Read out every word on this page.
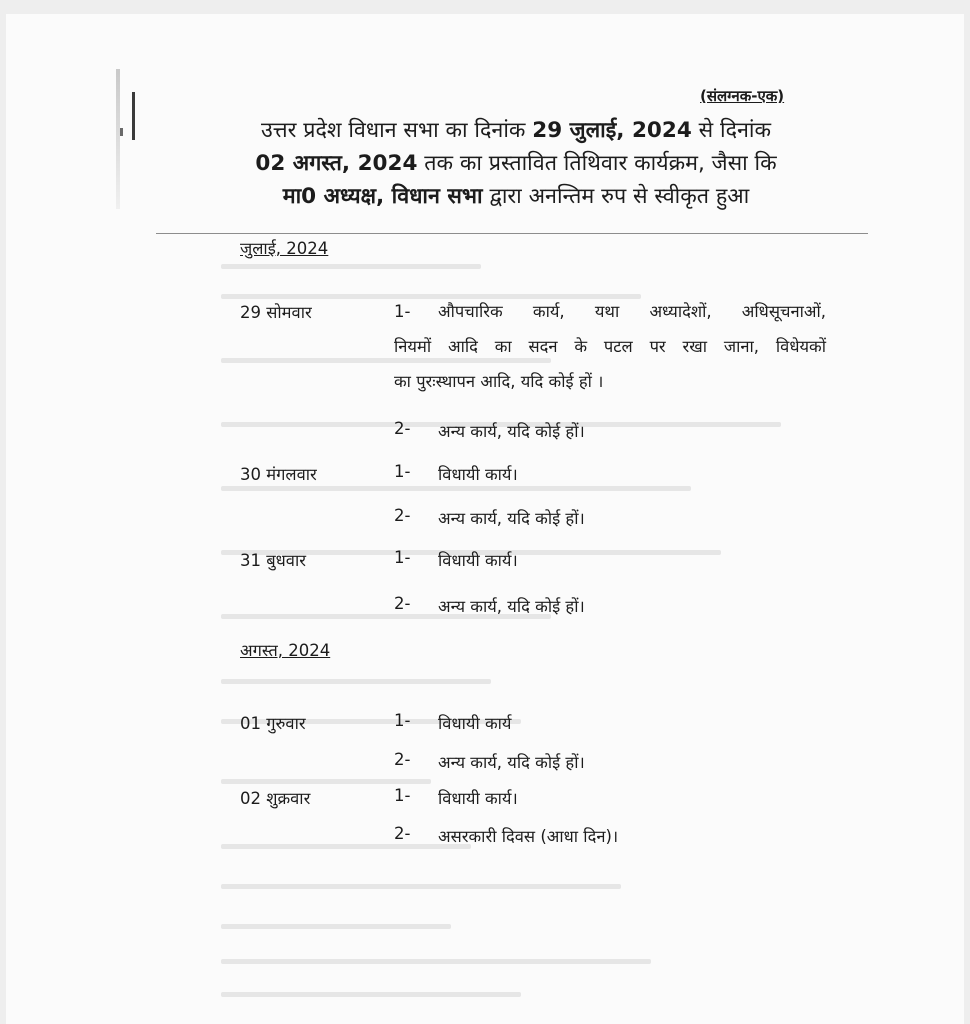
(संलग्नक-एक)
उत्तर प्रदेश विधान सभा का दिनांक 29 जुलाई, 2024 से दिनांक
02 अगस्त, 2024 तक का प्रस्तावित तिथिवार कार्यक्रम, जैसा कि
मा0 अध्यक्ष, विधान सभा द्वारा अनन्तिम रुप से स्वीकृत हुआ
जुलाई, 2024
29 सोमवार	1- औपचारिक कार्य, यथा अध्यादेशों, अधिसूचनाओं,
नियमों आदि का सदन के पटल पर रखा जाना, विधेयकों
का पुरःस्थापन आदि, यदि कोई हों ।
2- अन्य कार्य, यदि कोई हों।
30 मंगलवार	1- विधायी कार्य।
2- अन्य कार्य, यदि कोई हों।
31 बुधवार	1- विधायी कार्य।
2- अन्य कार्य, यदि कोई हों।
अगस्त, 2024
01 गुरुवार	1- विधायी कार्य
2- अन्य कार्य, यदि कोई हों।
02 शुक्रवार	1- विधायी कार्य।
2- असरकारी दिवस (आधा दिन)।
